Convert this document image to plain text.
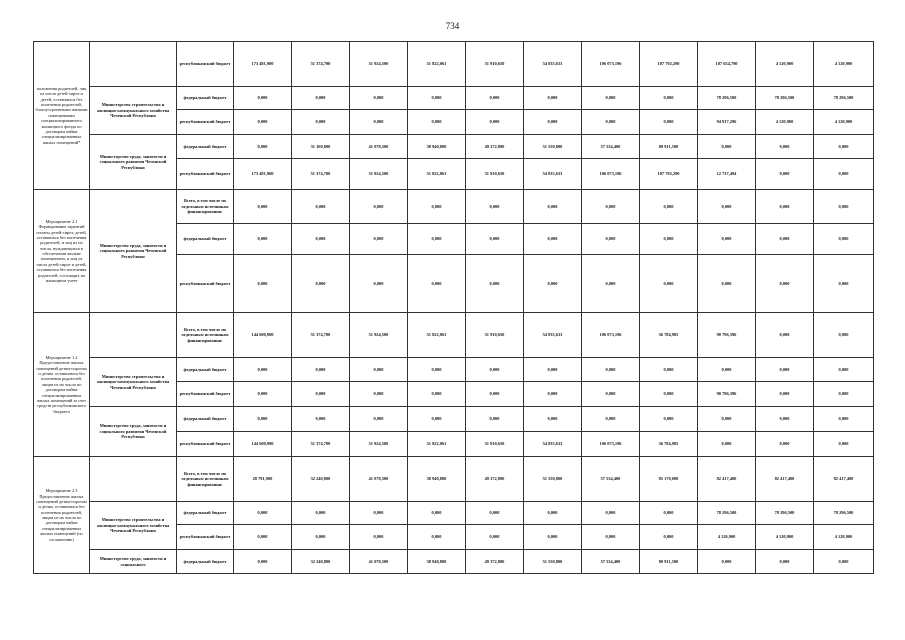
734
положения родителей, лиц из числа детей-сирот и детей, оставшихся без попечения родителей, благоустроенными жилыми помещениями специализированного жилищного фонда по договорам найма специализированных жилых помещений*		республиканский бюджет	173 481,900	51 374,700	51 924,500	51 822,061	51 910,650	54 835,633	106 073,196	107 792,290	107 654,790	4 120,900	4 120,900
	Министерство строительства и жилищно-коммунального хозяйства Чеченской Республики	федеральный бюджет	0,000	0,000	0,000	0,000	0,000	0,000	0,000	0,000	78 296,500	78 296,500	78 296,500
		республиканский бюджет	0,000	0,000	0,000	0,000	0,000	0,000	0,000	0,000	94 917,296	4 120,900	4 120,900
	Министерство труда, занятости и социального развития Чеченской Республики	федеральный бюджет	0,000	31 160,800	41 078,500	38 940,800	49 372,800	51 550,800	57 534,400	80 911,500	0,000	0,000	0,000
		республиканский бюджет	173 481,900	51 374,700	51 924,500	51 822,061	51 910,650	54 835,633	106 073,196	107 792,290	12 737,494	0,000	0,000
Мероприятие 2.1 Формирование гарантий оплаты детей-сирот, детей, оставшихся без попечения родителей, и лиц из их числа, нуждающихся в обеспечении жилым помещением, и лиц из числа детей-сирот и детей, оставшихся без попечения родителей, состоящих на жилищном учете	Министерство труда, занятости и социального развития Чеченской Республики	Всего, в том числе по отдельным источникам финансирования:	0,000	0,000	0,000	0,000	0,000	0,000	0,000	0,000	0,000	0,000	0,000
		федеральный бюджет	0,000	0,000	0,000	0,000	0,000	0,000	0,000	0,000	0,000	0,000	0,000
		республиканский бюджет	0,000	0,000	0,000	0,000	0,000	0,000	0,000	0,000	0,000	0,000	0,000
Мероприятие 1.2 Предоставление жилых помещений детям-сиротам и детям, оставшимся без попечения родителей, лицам из их числа по договорам найма специализированных жилых помещений за счет средств республиканского бюджета		Всего, в том числе по отдельным источникам финансирования:	144 600,900	51 374,700	51 924,500	51 822,061	51 910,650	54 835,633	106 073,196	36 784,985	90 796,396	0,000	0,000
	Министерство строительства и жилищно-коммунального хозяйства Чеченской Республики	федеральный бюджет	0,000	0,000	0,000	0,000	0,000	0,000	0,000	0,000	0,000	0,000	0,000
		республиканский бюджет	0,000	0,000	0,000	0,000	0,000	0,000	0,000	0,000	90 796,396	0,000	0,000
	Министерство труда, занятости и социального развития Чеченской Республики	федеральный бюджет	0,000	0,000	0,000	0,000	0,000	0,000	0,000	0,000	0,000	0,000	0,000
		республиканский бюджет	144 600,900	51 374,700	51 924,500	51 822,061	51 910,650	54 835,633	106 073,196	36 784,985	0,000	0,000	0,000
Мероприятие 2.3 Предоставление жилых помещений детям-сиротам и детям, оставшимся без попечения родителей, лицам из их числа по договорам найма специализированных жилых помещений (по соглашению)		Всего, в том числе по отдельным источникам финансирования:	28 791,900	32 240,800	41 078,500	38 940,800	49 372,800	51 550,800	57 534,400	85 170,000	82 417,400	82 417,400	82 417,400
	Министерство строительства и жилищно-коммунального хозяйства Чеченской Республики	федеральный бюджет	0,000	0,000	0,000	0,000	0,000	0,000	0,000	0,000	78 296,500	78 296,500	78 296,500
		республиканский бюджет	0,000	0,000	0,000	0,000	0,000	0,000	0,000	0,000	4 120,900	4 120,900	4 120,900
	Министерство труда, занятости и социального	федеральный бюджет	0,000	32 240,800	41 078,500	38 940,800	49 372,800	51 550,800	57 534,400	80 911,500	0,000	0,000	0,000
